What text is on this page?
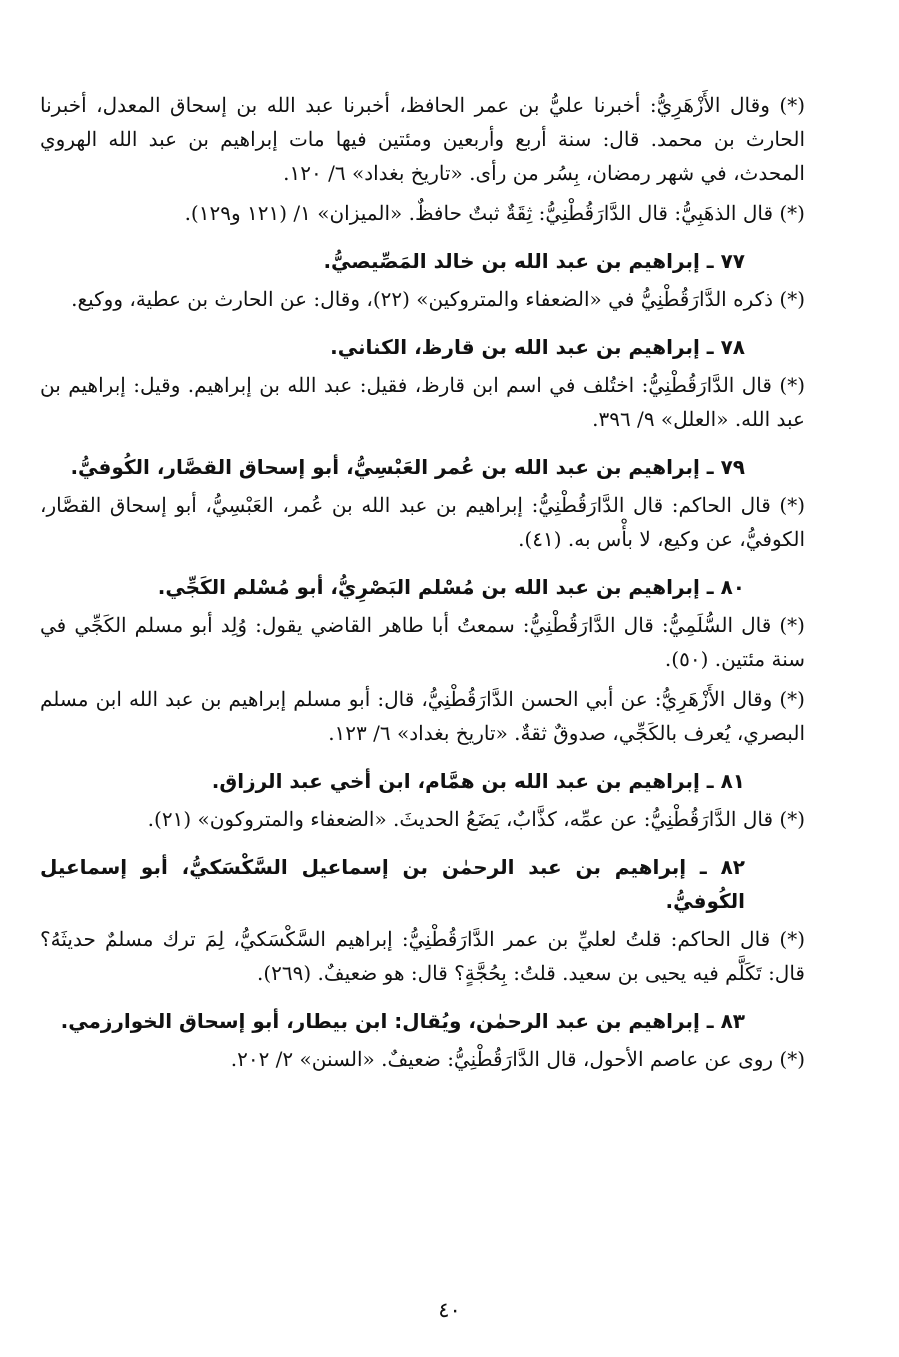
(*) وقال الأَزْهَرِيُّ: أخبرنا عليُّ بن عمر الحافظ، أخبرنا عبد الله بن إسحاق المعدل، أخبرنا الحارث بن محمد. قال: سنة أربع وأربعين ومئتين فيها مات إبراهيم بن عبد الله الهروي المحدث، في شهر رمضان، بِسُر من رأى. «تاريخ بغداد» ٦/ ١٢٠.
(*) قال الذهَبِيُّ: قال الدَّارَقُطْنِيُّ: ثِقَةٌ ثبتٌ حافظٌ. «الميزان» ١/ (١٢١ و١٢٩).
٧٧ ـ إبراهيم بن عبد الله بن خالد المَصِّيصيُّ.
(*) ذكره الدَّارَقُطْنِيُّ في «الضعفاء والمتروكين» (٢٢)، وقال: عن الحارث بن عطية، ووكيع.
٧٨ ـ إبراهيم بن عبد الله بن قارظ، الكناني.
(*) قال الدَّارَقُطْنِيُّ: اختُلف في اسم ابن قارظ، فقيل: عبد الله بن إبراهيم. وقيل: إبراهيم بن عبد الله. «العلل» ٩/ ٣٩٦.
٧٩ ـ إبراهيم بن عبد الله بن عُمر العَبْسِيُّ، أبو إسحاق القصَّار، الكُوفيُّ.
(*) قال الحاكم: قال الدَّارَقُطْنِيُّ: إبراهيم بن عبد الله بن عُمر، العَبْسِيُّ، أبو إسحاق القصَّار، الكوفيُّ، عن وكيع، لا بأْس به. (٤١).
٨٠ ـ إبراهيم بن عبد الله بن مُسْلم البَصْرِيُّ، أبو مُسْلم الكَجِّي.
(*) قال السُّلَمِيُّ: قال الدَّارَقُطْنِيُّ: سمعتُ أبا طاهر القاضي يقول: وُلِد أبو مسلم الكَجِّي في سنة مئتين. (٥٠).
(*) وقال الأَزْهَرِيُّ: عن أبي الحسن الدَّارَقُطْنِيُّ، قال: أبو مسلم إبراهيم بن عبد الله ابن مسلم البصري، يُعرف بالكَجِّي، صدوقٌ ثقةٌ. «تاريخ بغداد» ٦/ ١٢٣.
٨١ ـ إبراهيم بن عبد الله بن همَّام، ابن أخي عبد الرزاق.
(*) قال الدَّارَقُطْنِيُّ: عن عمِّه، كذَّابٌ، يَضَعُ الحديثَ. «الضعفاء والمتروكون» (٢١).
٨٢ ـ إبراهيم بن عبد الرحمٰن بن إسماعيل السَّكْسَكيُّ، أبو إسماعيل الكُوفيُّ.
(*) قال الحاكم: قلتُ لعليِّ بن عمر الدَّارَقُطْنِيُّ: إبراهيم السَّكْسَكيُّ، لِمَ ترك مسلمٌ حديثَهُ؟ قال: تَكَلَّم فيه يحيى بن سعيد. قلتُ: بِحُجَّةٍ؟ قال: هو ضعيفٌ. (٢٦٩).
٨٣ ـ إبراهيم بن عبد الرحمٰن، ويُقال: ابن بيطار، أبو إسحاق الخوارزمي.
(*) روى عن عاصم الأحول، قال الدَّارَقُطْنِيُّ: ضعيفٌ. «السنن» ٢/ ٢٠٢.
٤٠
